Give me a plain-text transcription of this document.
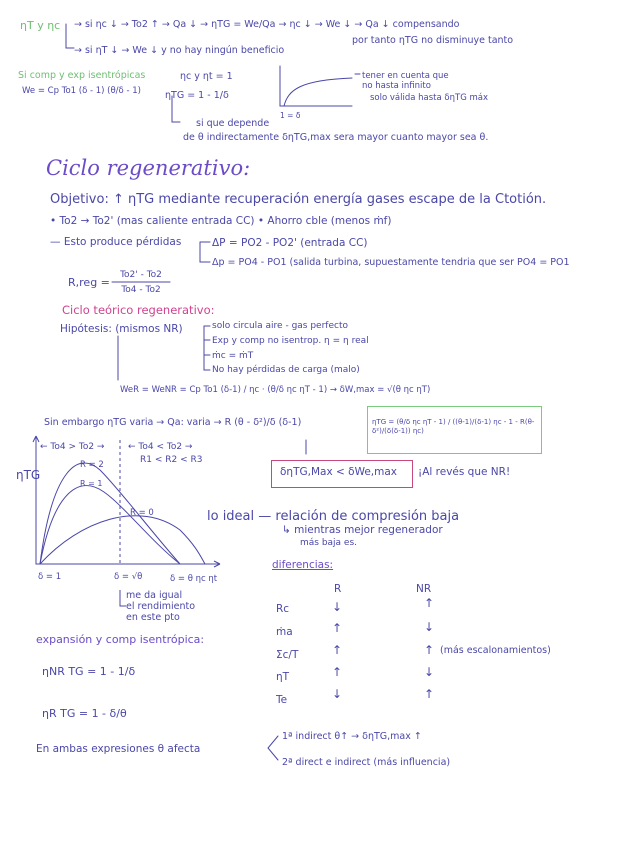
ηT y ηc → si ηc ↓ → To2 ↑ → Qa ↓ → ηTG = We/Qa → ηc ↓ → We ↓ → Qa ↓ compensando
por tanto ηTG no disminuye tanto
→ si ηT ↓ → We ↓ y no hay ningún beneficio
Si comp y exp isentrópicas	ηc y ηt = 1
We = Cp To1 (δ - 1) (θ/δ - 1)	ηTG = 1 - 1/δ
si que depende
de θ indirectamente δηTG,max sera mayor cuanto mayor sea θ.
tener en cuenta que
no hasta infinito
solo válida hasta δηTG máx
1 = δ
Ciclo regenerativo:
Objetivo: ↑ ηTG mediante recuperación energía gases escape de la Ctotión.
• To2 → To2' (mas caliente entrada CC) • Ahorro cble (menos ṁf)
— Esto produce pérdidas	ΔP = PO2 - PO2' (entrada CC)
Δp = PO4 - PO1 (salida turbina, supuestamente tendria que ser PO4 = PO1
R,reg =
To2' - To2
To4 - To2
Ciclo teórico regenerativo:
Hipótesis: (mismos NR)	solo circula aire - gas perfecto
Exp y comp no isentrop. η = η real
ṁc = ṁT
No hay pérdidas de carga (malo)
WeR = WeNR = Cp To1 (δ-1) / ηc · (θ/δ ηc ηT - 1) → δW,max = √(θ ηc ηT)
Sin embargo ηTG varia → Qa: varia → R (θ - δ²)/δ (δ-1)	ηTG = (θ/δ ηc ηT - 1) / ((θ-1)/(δ-1) ηc - 1 - R(θ-δ²)/(δ(δ-1)) ηc)
δηTG,Max < δWe,max ¡Al revés que NR!
ηTG
← To4 > To2 →	← To4 < To2 →
R1 < R2 < R3
R = 2
R = 1
R = 0
δ = 1	δ = √θ	δ = θ ηc ηt
me da igual
el rendimiento
en este pto
lo ideal — relación de compresión baja
↳ mientras mejor regenerador
más baja es.
diferencias:
R	NR
Rc	↓	↑
ṁa	↑	↓
Σc/T	↑	↑ (más escalonamientos)
ηT	↑	↓
Te	↓	↑
expansión y comp isentrópica:
ηNR TG = 1 - 1/δ
ηR TG = 1 - δ/θ
En ambas expresiones θ afecta
1ª indirect θ↑ → δηTG,max ↑
2ª direct e indirect (más influencia)
